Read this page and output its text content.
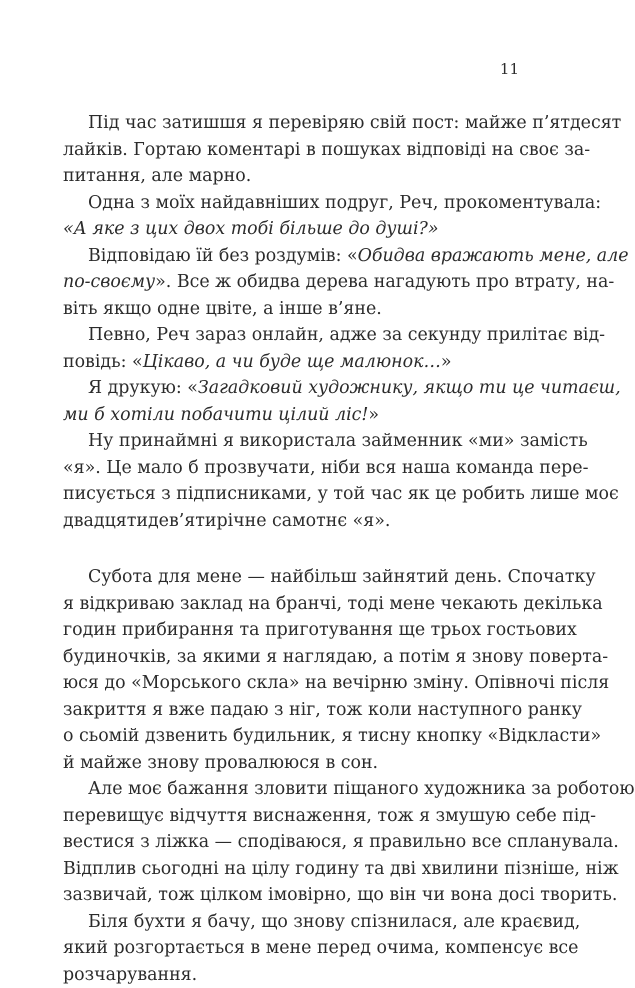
11
Під час затишшя я перевіряю свій пост: майже п’ятдесят
лайків. Гортаю коментарі в пошуках відповіді на своє за-
питання, але марно.
Одна з моїх найдавніших подруг, Реч, прокоментувала:
«А яке з цих двох тобі більше до душі?»
Відповідаю їй без роздумів: «Обидва вражають мене, але
по-своєму». Все ж обидва дерева нагадують про втрату, на-
віть якщо одне цвіте, а інше в’яне.
Певно, Реч зараз онлайн, адже за секунду прилітає від-
повідь: «Цікаво, а чи буде ще малюнок…»
Я друкую: «Загадковий художнику, якщо ти це читаєш,
ми б хотіли побачити цілий ліс!»
Ну принаймні я використала займенник «ми» замість
«я». Це мало б прозвучати, ніби вся наша команда пере-
писується з підписниками, у той час як це робить лише моє
двадцятидев’ятирічне самотнє «я».
Субота для мене — найбільш зайнятий день. Спочатку
я відкриваю заклад на бранчі, тоді мене чекають декілька
годин прибирання та приготування ще трьох гостьових
будиночків, за якими я наглядаю, а потім я знову поверта-
юся до «Морського скла» на вечірню зміну. Опівночі після
закриття я вже падаю з ніг, тож коли наступного ранку
о сьомій дзвенить будильник, я тисну кнопку «Відкласти»
й майже знову провалююся в сон.
Але моє бажання зловити піщаного художника за роботою
перевищує відчуття виснаження, тож я змушую себе під-
вестися з ліжка — сподіваюся, я правильно все спланувала.
Відплив сьогодні на цілу годину та дві хвилини пізніше, ніж
зазвичай, тож цілком імовірно, що він чи вона досі творить.
Біля бухти я бачу, що знову спізнилася, але краєвид,
який розгортається в мене перед очима, компенсує все
розчарування.
